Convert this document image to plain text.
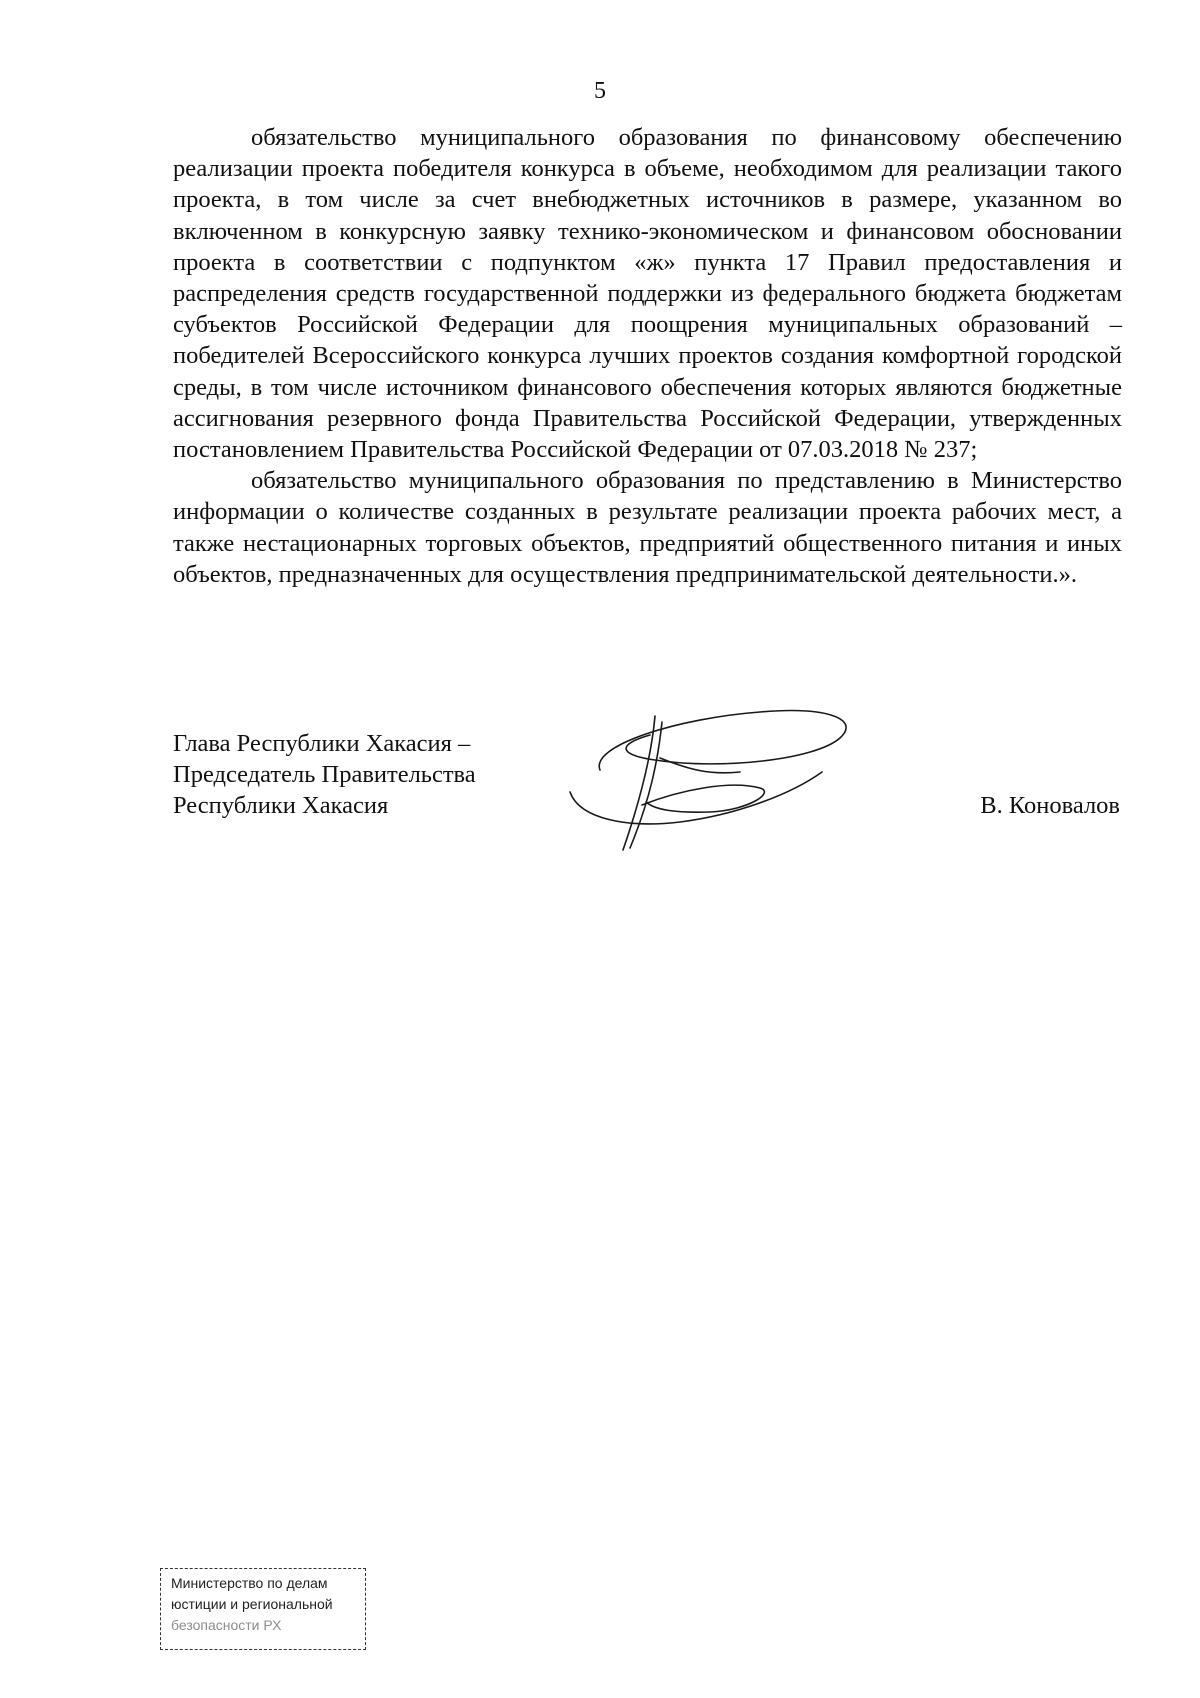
5

обязательство муниципального образования по финансовому обеспечению реализации проекта победителя конкурса в объеме, необходимом для реализации такого проекта, в том числе за счет внебюджетных источников в размере, указанном во включенном в конкурсную заявку технико-экономическом и финансовом обосновании проекта в соответствии с подпунктом «ж» пункта 17 Правил предоставления и распределения средств государственной поддержки из федерального бюджета бюджетам субъектов Российской Федерации для поощрения муниципальных образований – победителей Всероссийского конкурса лучших проектов создания комфортной городской среды, в том числе источником финансового обеспечения которых являются бюджетные ассигнования резервного фонда Правительства Российской Федерации, утвержденных постановлением Правительства Российской Федерации от 07.03.2018 № 237;

обязательство муниципального образования по представлению в Министерство информации о количестве созданных в результате реализации проекта рабочих мест, а также нестационарных торговых объектов, предприятий общественного питания и иных объектов, предназначенных для осуществления предпринимательской деятельности.».

Глава Республики Хакасия –
Председатель Правительства
Республики Хакасия	В. Коновалов
Министерство по делам
юстиции и региональной
безопасности РХ
